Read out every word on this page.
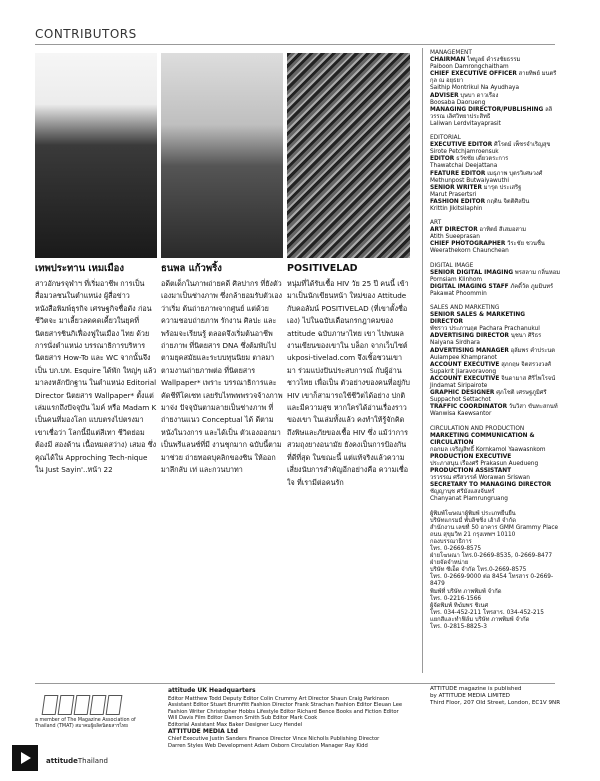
CONTRIBUTORS
เทพประทาน เหมเมือง

สาวอักษรจุฬาฯ ที่เริ่มอาชีพ การเป็นสื่อมวลชนในตำแหน่ง ผู้สื่อข่าวหนังสือพิมพ์ธุรกิจ เศรษฐกิจชื่อดัง ก่อนชีวิตจะ มาเลี้ยวลดคดเคี้ยวในยุคที่ นิตยสารชินกิเฟื่องฟูในเมือง ไทย ด้วยการนั่งตำแหน่ง บรรณาธิการบริหาร นิตยสาร How-To และ WC จากนั้นจึง เป็น บก.บท. Esquire ได้พัก ใหญ่ๆ แล้วมาลงหลักปักฐาน ในตำแหน่ง Editorial Director นิตยสาร Wallpaper* ตั้งแต่ เล่มแรกถึงปัจจุบัน ไมค์ หรือ Madam K เป็นคนที่มองโลก แบบตรงไปตรงมา เขาเชื่อว่า โลกนี้มีแต่สีเทา ชีวิตย่อมต้องมี สองด้าน เนื้อหมดสว่าง) เสมอ ซึ่งคุณได้ใน Approching Tech-nique ใน Just Sayin'..หน้า 22

ธนพล แก้วพริ้ง

อดีตเด็กในภาพถ่ายคดี ศิลปากร ที่ยังตัวเองมาเป็นช่างภาพ ซึ่งกล้ายอมรับตัวเองว่าเริ่ม ต้นถ่ายภาพจากศูนย์ แต่ด้วย ความชอบถ่ายภาพ รักงาน ศิลปะ และพร้อมจะเรียนรู้ ตลอดจึงเริ่มต้นอาชีพถ่ายภาพ ที่นิตยสาร DNA ซึ่งต้มพับไป ตามยุคสมัยและระบบทุนนิยม ตาลมาตามงานถ่ายภาพต่อ ที่นิตยสาร Wallpaper* เพราะ บรรณาธิการและคัดชีทีโคเซท เลยรับไทพพพรวจจ้างภาพมาจ่ง ปัจจุบันตามลายเป็นช่างภาพ ที่ถ่ายงานแนว Conceptual ได้ ดีตามหนังในวงการ และได้เป็น ตัวเองออกมาเป็นพรีแลนซ์ที่มี งานชุกมาก ฉบับนี้ตามมาช่วย ถ่ายทอดบุคลิกของซิน ให้ออก มาลึกลับ เท่ และกวนบาทา

POSITIVELAD

หนุ่มที่ได้รับเชื้อ HIV วัย 25 ปี คนนี้ เข้ามาเป็นนักเขียนหน้า ใหม่ของ Attitude กับคอลัมน์ POSITIVELAD (ที่เขาตั้งชื่อเอง) ไปในฉบับเดือนกรกฎาคมของ attitude ฉบับภาษาไทย เขา ไปพบผลงานเขียนของเขาใน บล็อก จากเว็บไซต์ ukposi-tivelad.com จึงเชิ้อชวนเขามา ร่วมแบ่งปันประสบการณ์ กับผู้อ่านชาวไทย เพื่อเป็น ตัวอย่างของคนที่อยู่กับ HIV เขาก็สามารถใช้ชีวิตได้อย่าง ปกติและมีความสุข หากใครได้อ่านเรื่องราวของเขา ในเล่มทั้งแล้ว คงทำให้รู้จักคิด ถึงพิษและภัยของเชื้อ HIV ซึ่ง แม้ว่าการสวมถุงยางอนามัย ยังคงเป็นการป้องกันที่ดีที่สุด ในขณะนี้ แต่แท้จริงแล้วความ เสี่ยงนับการสำคัญอีกอย่างคือ ความเชื่อใจ ที่เรามีต่อคนรัก

MANAGEMENT
CHAIRMAN ไพบูลย์ ดำรงชัยธรรม
Paiboon Damrongchaitham
CHIEF EXECUTIVE OFFICER สายทิพย์ มนตรีกุล ณ อยุธยา
Saithip Montrikul Na Ayudhaya
ADVISER บุษบา ดาวเรือง
Boosaba Daorueng
MANAGING DIRECTOR/PUBLISHING ลลิวรรณ เลิศวิทยาประสิทธิ
Laliwan Lerdvitayaprasit
EDITORIAL
EXECUTIVE EDITOR ศิโรตม์ เพ็ชรจำเริญสุข
Sirote Petchjamroensuk
EDITOR ธวัชชัย เดี่ยวตระการ
Thawatchai Deejattana
FEATURE EDITOR เมธุภาพ บุตรวิเศษวงศ์
Methunpost Butwaiyawuthi
SENIOR WRITER มารุต ประเสริฐ
Marut Prasertsri
FASHION EDITOR กฤติน จิตติศิลปิน
Krittin Jikitsilaphin
ART
ART DIRECTOR อาทิตย์ สีเสมอสาม
Atith Sueeprasan
CHIEF PHOTOGRAPHER วีระชัย ชวนชื่น
Weerathekorn Chaunchean
DIGITAL IMAGE
SENIOR DIGITAL IMAGING พรสลาม กลิ่นหอม
Pornsiam Klinhom
DIGITAL IMAGING STAFF ภัคดิ์วัต ภูมมินทร์
Pakawat Phoommin
SALES AND MARKETING
SENIOR SALES & MARKETING DIRECTOR
พัชราว ประภานฤต Pachara Prachanukul
ADVERTISING DIRECTOR นุชนา ศิริธร
Naiyana Sirdhara
ADVERTISING MANAGER อุลัมพร คำประนต
Aulampee Khampranot
ACCOUNT EXECUTIVE สุภกฤษ จิตสรวงวงศ์
Supakrit Jiaravoravong
ACCOUNT EXECUTIVE จินดามาส ศิริไพโรจน์
Jindamat Siripairote
GRAPHIC DESIGNER ศุภโชติ เศรษฐภูมิศรี
Suppachot Settachot
TRAFFIC COORDINATOR วันวิสา ขันทะสกนท์
Wanwisa Kaewsantor
CIRCULATION AND PRODUCTION
MARKETING COMMUNICATION & CIRCULATION
กอกมล เจริญสิทธิ์ Kornkamol Yaawasnkom
PRODUCTION EXECUTIVE
ประภาสนุน เรืองศรี Prakasun Auedueng
PRODUCTION ASSISTANT
วรวรรณ ศรีสวรรค์ Worawan Sriswan
SECRETARY TO MANAGING DIRECTOR ชัญญานุช ศรีมังแสงจันทร์
Chanyanat Plamrungruang
ผู้พิมพ์โฆษณาผู้พิมพ์ ประเภทยืนยืน
บริษัทแกรมมี่ พับลิชชิ่ง เฮ้าส์ จำกัด
สำนักงาน เลขที่ 50 อาคาร GMM Grammy Place
ถนน สุขุมวิท 21 กรุงเทพฯ 10110
กองบรรณาธิการ
โทร. 0-2669-8575
ฝ่ายโฆษณา โทร.0-2669-8535, 0-2669-8477
ฝ่ายจัดจำหน่าย
บริษัท ซีเอ็ด จำกัด โทร.0-2669-8575
โทร. 0-2669-9000 ต่อ 8454 โทรสาร 0-2669-8479
พิมพ์ที่ บริษัท ภาพพิมพ์ จำกัด
โทร. 0-2216-1566
ผู้จัดพิมพ์ ทิฆัมพร ชิเนศ
โทร. 034-452-211 โทรสาร. 034-452-215
แยกสีและทำฟิล์ม บริษัท ภาพพิมพ์ จำกัด
โทร. 0-2815-8825-3
a member of The Magazine Association of Thailand (TMAT) สมาคมผู้ผลิตนิตยสารไทย
attitude UK Headquarters
Editor Matthew Todd Deputy Editor Colin Crummy Art Director Shaun Craig Parkinson
Assistant Editor Stuart Brumfitt Fashion Director Frank Strachan Fashion Editor Eleuan Lee
Fashion Writer Christopher Hobbs Lifestyle Editor Richard Bence Books and Fiction Editor
Will Davis Film Editor Damon Smith Sub Editor Mark Cook
Editorial Assistant Max Baker Designer Lucy Hendel
ATTITUDE MEDIA Ltd
Chief Executive Justin Sanders Finance Director Vince Nicholls Publishing Director
Darren Styles Web Development Adam Osborn Circulation Manager Ray Kidd
ATTITUDE magazine is published
by ATTITUDE MEDIA LIMITED
Third Floor, 207 Old Street, London, EC1V 9NR
attitudeThailand
